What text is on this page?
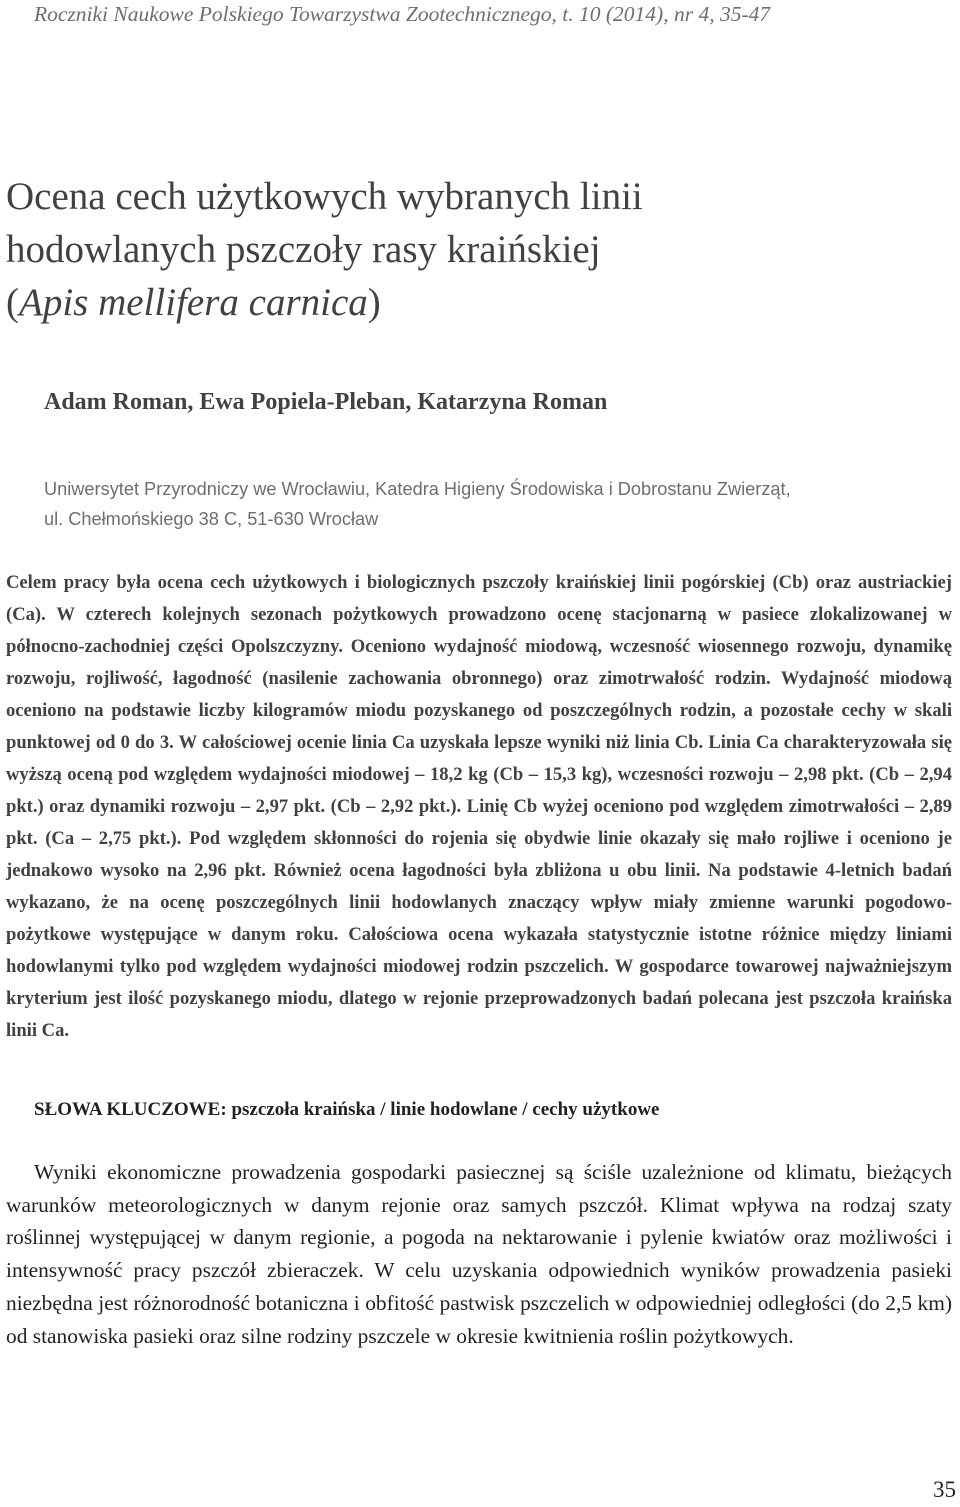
Roczniki Naukowe Polskiego Towarzystwa Zootechnicznego, t. 10 (2014), nr 4, 35-47
Ocena cech użytkowych wybranych linii
hodowlanych pszczoły rasy kraińskiej
(Apis mellifera carnica)
Adam Roman, Ewa Popiela-Pleban, Katarzyna Roman
Uniwersytet Przyrodniczy we Wrocławiu, Katedra Higieny Środowiska i Dobrostanu Zwierząt,
ul. Chełmońskiego 38 C, 51-630 Wrocław

Celem pracy była ocena cech użytkowych i biologicznych pszczoły kraińskiej linii pogórskiej (Cb) oraz austriackiej (Ca). W czterech kolejnych sezonach pożytkowych prowadzono ocenę stacjonarną w pasiece zlokalizowanej w północno-zachodniej części Opolszczyzny. Oceniono wydajność miodową, wczesność wiosennego rozwoju, dynamikę rozwoju, rojliwość, łagodność (nasilenie zachowania obronnego) oraz zimotrwałość rodzin. Wydajność miodową oceniono na podstawie liczby kilogramów miodu pozyskanego od poszczególnych rodzin, a pozostałe cechy w skali punktowej od 0 do 3. W całościowej ocenie linia Ca uzyskała lepsze wyniki niż linia Cb. Linia Ca charakteryzowała się wyższą oceną pod względem wydajności miodowej – 18,2 kg (Cb – 15,3 kg), wczesności rozwoju – 2,98 pkt. (Cb – 2,94 pkt.) oraz dynamiki rozwoju – 2,97 pkt. (Cb – 2,92 pkt.). Linię Cb wyżej oceniono pod względem zimotrwałości – 2,89 pkt. (Ca – 2,75 pkt.). Pod względem skłonności do rojenia się obydwie linie okazały się mało rojliwe i oceniono je jednakowo wysoko na 2,96 pkt. Również ocena łagodności była zbliżona u obu linii. Na podstawie 4-letnich badań wykazano, że na ocenę poszczególnych linii hodowlanych znaczący wpływ miały zmienne warunki pogodowo-pożytkowe występujące w danym roku. Całościowa ocena wykazała statystycznie istotne różnice między liniami hodowlanymi tylko pod względem wydajności miodowej rodzin pszczelich. W gospodarce towarowej najważniejszym kryterium jest ilość pozyskanego miodu, dlatego w rejonie przeprowadzonych badań polecana jest pszczoła kraińska linii Ca.

SŁOWA KLUCZOWE: pszczoła kraińska / linie hodowlane / cechy użytkowe

Wyniki ekonomiczne prowadzenia gospodarki pasiecznej są ściśle uzależnione od klimatu, bieżących warunków meteorologicznych w danym rejonie oraz samych pszczół. Klimat wpływa na rodzaj szaty roślinnej występującej w danym regionie, a pogoda na nektarowanie i pylenie kwiatów oraz możliwości i intensywność pracy pszczół zbieraczek. W celu uzyskania odpowiednich wyników prowadzenia pasieki niezbędna jest różnorodność botaniczna i obfitość pastwisk pszczelich w odpowiedniej odległości (do 2,5 km) od stanowiska pasieki oraz silne rodziny pszczele w okresie kwitnienia roślin pożytkowych.

35
